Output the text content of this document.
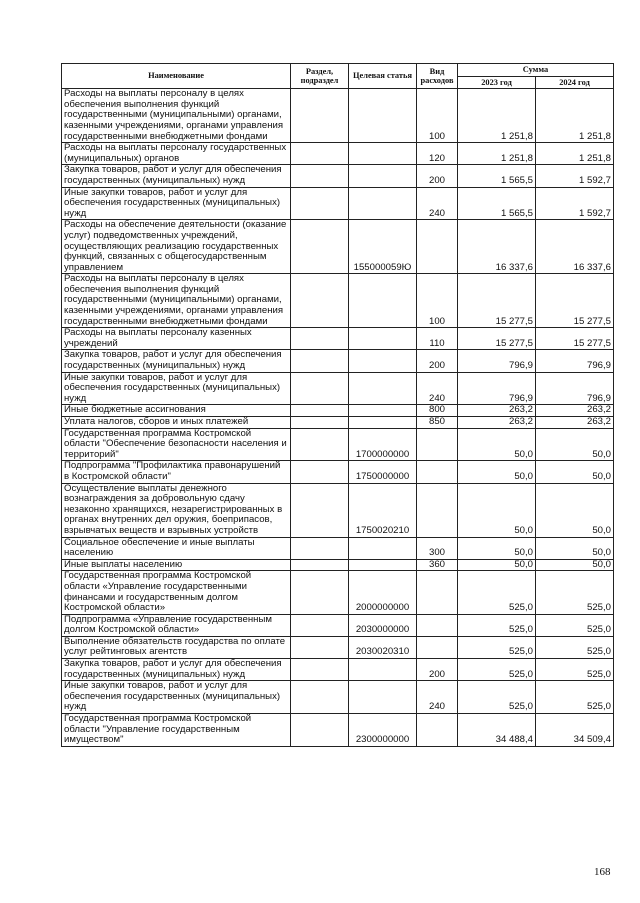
Наименование	Раздел, подраздел	Целевая статья	Вид расходов	Сумма	
				2023 год	2024 год
Расходы на выплаты персоналу в целях обеспечения выполнения функций государственными (муниципальными) органами, казенными учреждениями, органами управления государственными внебюджетными фондами			100	1 251,8	1 251,8
Расходы на выплаты персоналу государственных (муниципальных) органов			120	1 251,8	1 251,8
Закупка товаров, работ и услуг для обеспечения государственных (муниципальных) нужд			200	1 565,5	1 592,7
Иные закупки товаров, работ и услуг для обеспечения государственных (муниципальных) нужд			240	1 565,5	1 592,7
Расходы на обеспечение деятельности (оказание услуг) подведомственных учреждений, осуществляющих реализацию государственных функций, связанных с общегосударственным управлением		155000059Ю		16 337,6	16 337,6
Расходы на выплаты персоналу в целях обеспечения выполнения функций государственными (муниципальными) органами, казенными учреждениями, органами управления государственными внебюджетными фондами			100	15 277,5	15 277,5
Расходы на выплаты персоналу казенных учреждений			110	15 277,5	15 277,5
Закупка товаров, работ и услуг для обеспечения государственных (муниципальных) нужд			200	796,9	796,9
Иные закупки товаров, работ и услуг для обеспечения государственных (муниципальных) нужд			240	796,9	796,9
Иные бюджетные ассигнования			800	263,2	263,2
Уплата налогов, сборов и иных платежей			850	263,2	263,2
Государственная программа Костромской области "Обеспечение безопасности населения и территорий"		1700000000		50,0	50,0
Подпрограмма "Профилактика правонарушений в Костромской области"		1750000000		50,0	50,0
Осуществление выплаты денежного вознаграждения за добровольную сдачу незаконно хранящихся, незарегистрированных в органах внутренних дел оружия, боеприпасов, взрывчатых веществ и взрывных устройств		1750020210		50,0	50,0
Социальное обеспечение и иные выплаты населению			300	50,0	50,0
Иные выплаты населению			360	50,0	50,0
Государственная программа Костромской области «Управление государственными финансами и государственным долгом Костромской области»		2000000000		525,0	525,0
Подпрограмма «Управление государственным долгом Костромской области»		2030000000		525,0	525,0
Выполнение обязательств государства по оплате услуг рейтинговых агентств		2030020310		525,0	525,0
Закупка товаров, работ и услуг для обеспечения государственных (муниципальных) нужд			200	525,0	525,0
Иные закупки товаров, работ и услуг для обеспечения государственных (муниципальных) нужд			240	525,0	525,0
Государственная программа Костромской области "Управление государственным имуществом"		2300000000		34 488,4	34 509,4
168
